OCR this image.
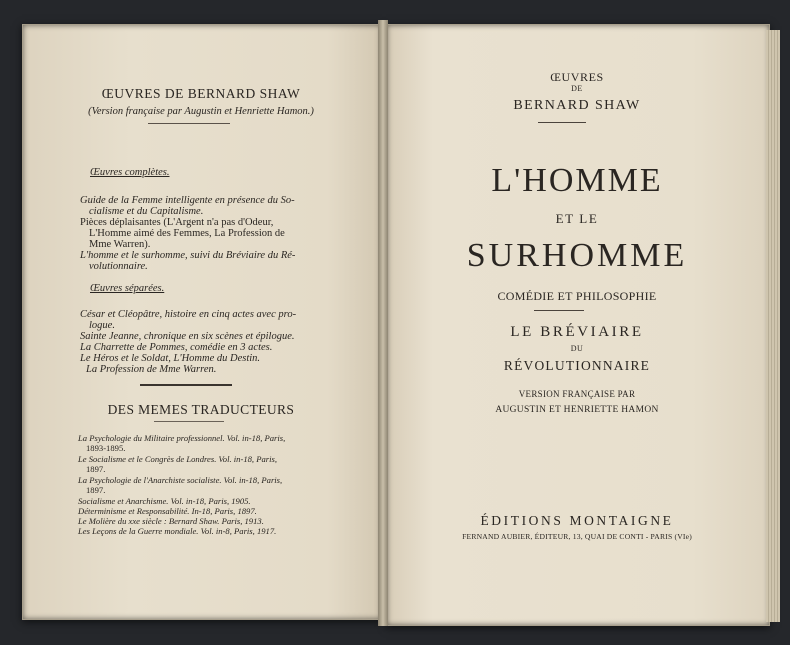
ŒUVRES DE BERNARD SHAW
(Version française par Augustin et Henriette Hamon.)
Œuvres complètes.
Guide de la Femme intelligente en présence du So-
cialisme et du Capitalisme.
Pièces déplaisantes (L'Argent n'a pas d'Odeur,
L'Homme aimé des Femmes, La Profession de
Mme Warren).
L'homme et le surhomme, suivi du Bréviaire du Ré-
volutionnaire.
Œuvres séparées.
César et Cléopâtre, histoire en cinq actes avec pro-
logue.
Sainte Jeanne, chronique en six scènes et épilogue.
La Charrette de Pommes, comédie en 3 actes.
Le Héros et le Soldat, L'Homme du Destin.
La Profession de Mme Warren.
DES MEMES TRADUCTEURS
La Psychologie du Militaire professionnel. Vol. in-18, Paris,
1893-1895.
Le Socialisme et le Congrès de Londres. Vol. in-18, Paris,
1897.
La Psychologie de l'Anarchiste socialiste. Vol. in-18, Paris,
1897.
Socialisme et Anarchisme. Vol. in-18, Paris, 1905.
Déterminisme et Responsabilité. In-18, Paris, 1897.
Le Molière du xxe siècle : Bernard Shaw. Paris, 1913.
Les Leçons de la Guerre mondiale. Vol. in-8, Paris, 1917.
ŒUVRES
DE
BERNARD SHAW
L'HOMME
ET LE
SURHOMME
COMÉDIE ET PHILOSOPHIE
LE BRÉVIAIRE
DU
RÉVOLUTIONNAIRE
VERSION FRANÇAISE PAR
AUGUSTIN ET HENRIETTE HAMON
ÉDITIONS MONTAIGNE
FERNAND AUBIER, ÉDITEUR, 13, QUAI DE CONTI - PARIS (VIe)
